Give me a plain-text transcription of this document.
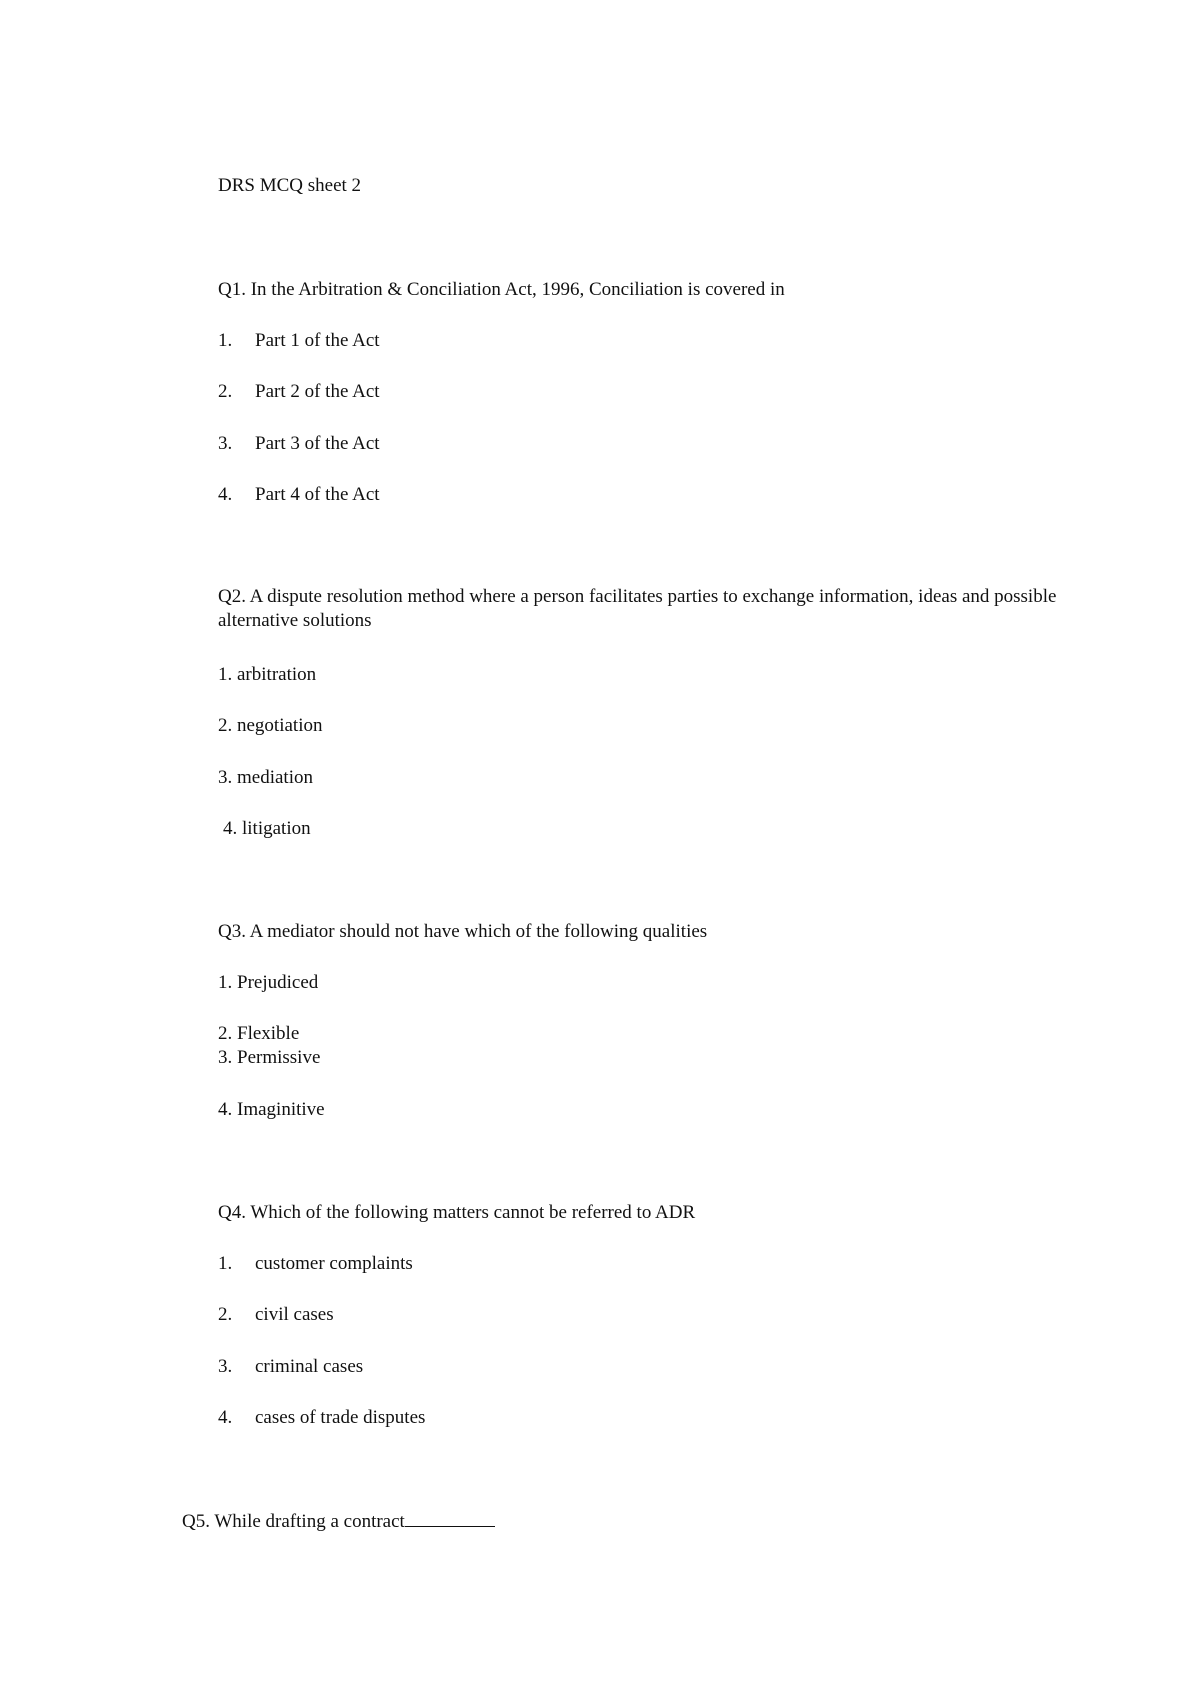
DRS MCQ sheet 2
Q1. In the Arbitration & Conciliation Act, 1996, Conciliation is covered in
1. Part 1 of the Act
2. Part 2 of the Act
3. Part 3 of the Act
4. Part 4 of the Act
Q2. A dispute resolution method where a person facilitates parties to exchange information, ideas and possible alternative solutions
1. arbitration
2. negotiation
3. mediation
4. litigation
Q3. A mediator should not have which of the following qualities
1. Prejudiced
2. Flexible
3. Permissive
4. Imaginitive
Q4. Which of the following matters cannot be referred to ADR
1. customer complaints
2. civil cases
3. criminal cases
4. cases of trade disputes
Q5. While drafting a contract
